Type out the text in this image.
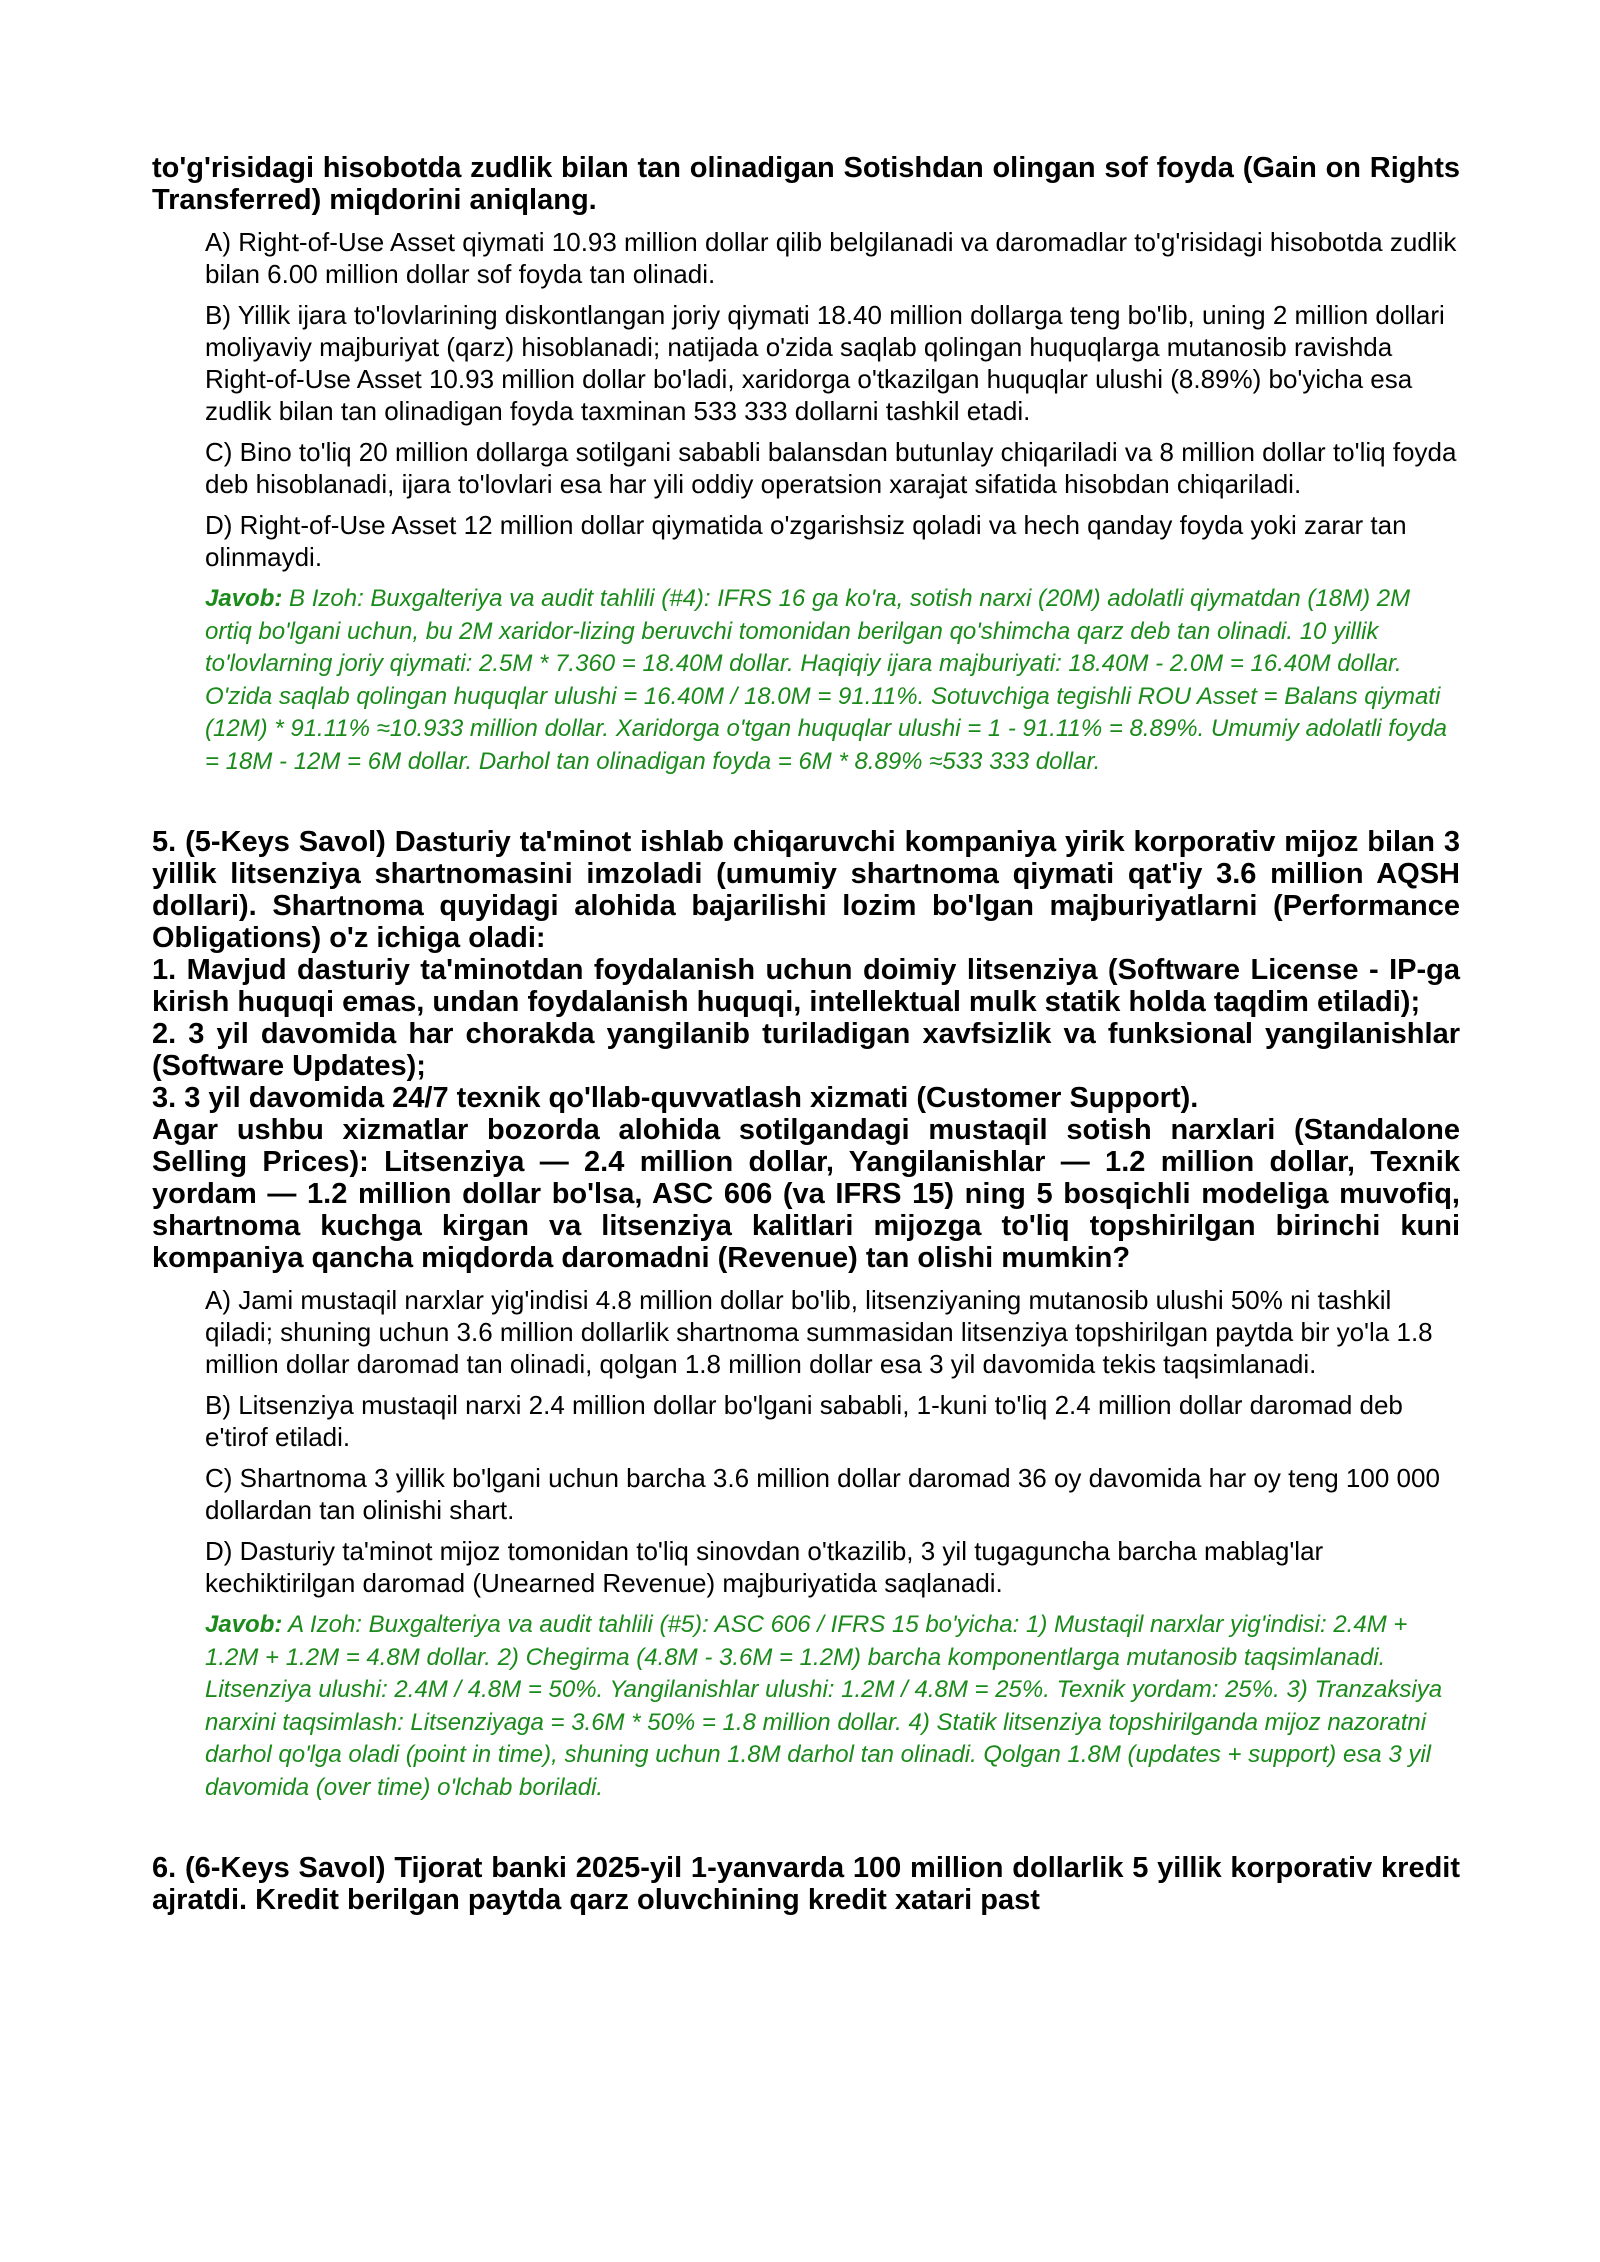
to'g'risidagi hisobotda zudlik bilan tan olinadigan Sotishdan olingan sof foyda (Gain on Rights Transferred) miqdorini aniqlang.

A) Right-of-Use Asset qiymati 10.93 million dollar qilib belgilanadi va daromadlar to'g'risidagi hisobotda zudlik bilan 6.00 million dollar sof foyda tan olinadi.

B) Yillik ijara to'lovlarining diskontlangan joriy qiymati 18.40 million dollarga teng bo'lib, uning 2 million dollari moliyaviy majburiyat (qarz) hisoblanadi; natijada o'zida saqlab qolingan huquqlarga mutanosib ravishda Right-of-Use Asset 10.93 million dollar bo'ladi, xaridorga o'tkazilgan huquqlar ulushi (8.89%) bo'yicha esa zudlik bilan tan olinadigan foyda taxminan 533 333 dollarni tashkil etadi.

C) Bino to'liq 20 million dollarga sotilgani sababli balansdan butunlay chiqariladi va 8 million dollar to'liq foyda deb hisoblanadi, ijara to'lovlari esa har yili oddiy operatsion xarajat sifatida hisobdan chiqariladi.

D) Right-of-Use Asset 12 million dollar qiymatida o'zgarishsiz qoladi va hech qanday foyda yoki zarar tan olinmaydi.

Javob: B Izoh: Buxgalteriya va audit tahlili (#4): IFRS 16 ga ko'ra, sotish narxi (20M) adolatli qiymatdan (18M) 2M ortiq bo'lgani uchun, bu 2M xaridor-lizing beruvchi tomonidan berilgan qo'shimcha qarz deb tan olinadi. 10 yillik to'lovlarning joriy qiymati: 2.5M * 7.360 = 18.40M dollar. Haqiqiy ijara majburiyati: 18.40M - 2.0M = 16.40M dollar. O'zida saqlab qolingan huquqlar ulushi = 16.40M / 18.0M = 91.11%. Sotuvchiga tegishli ROU Asset = Balans qiymati (12M) * 91.11% ≈10.933 million dollar. Xaridorga o'tgan huquqlar ulushi = 1 - 91.11% = 8.89%. Umumiy adolatli foyda = 18M - 12M = 6M dollar. Darhol tan olinadigan foyda = 6M * 8.89% ≈533 333 dollar.

5. (5-Keys Savol) Dasturiy ta'minot ishlab chiqaruvchi kompaniya yirik korporativ mijoz bilan 3 yillik litsenziya shartnomasini imzoladi (umumiy shartnoma qiymati qat'iy 3.6 million AQSH dollari). Shartnoma quyidagi alohida bajarilishi lozim bo'lgan majburiyatlarni (Performance Obligations) o'z ichiga oladi:

1. Mavjud dasturiy ta'minotdan foydalanish uchun doimiy litsenziya (Software License - IP-ga kirish huquqi emas, undan foydalanish huquqi, intellektual mulk statik holda taqdim etiladi);

2. 3 yil davomida har chorakda yangilanib turiladigan xavfsizlik va funksional yangilanishlar (Software Updates);

3. 3 yil davomida 24/7 texnik qo'llab-quvvatlash xizmati (Customer Support).

Agar ushbu xizmatlar bozorda alohida sotilgandagi mustaqil sotish narxlari (Standalone Selling Prices): Litsenziya — 2.4 million dollar, Yangilanishlar — 1.2 million dollar, Texnik yordam — 1.2 million dollar bo'lsa, ASC 606 (va IFRS 15) ning 5 bosqichli modeliga muvofiq, shartnoma kuchga kirgan va litsenziya kalitlari mijozga to'liq topshirilgan birinchi kuni kompaniya qancha miqdorda daromadni (Revenue) tan olishi mumkin?

A) Jami mustaqil narxlar yig'indisi 4.8 million dollar bo'lib, litsenziyaning mutanosib ulushi 50% ni tashkil qiladi; shuning uchun 3.6 million dollarlik shartnoma summasidan litsenziya topshirilgan paytda bir yo'la 1.8 million dollar daromad tan olinadi, qolgan 1.8 million dollar esa 3 yil davomida tekis taqsimlanadi.

B) Litsenziya mustaqil narxi 2.4 million dollar bo'lgani sababli, 1-kuni to'liq 2.4 million dollar daromad deb e'tirof etiladi.

C) Shartnoma 3 yillik bo'lgani uchun barcha 3.6 million dollar daromad 36 oy davomida har oy teng 100 000 dollardan tan olinishi shart.

D) Dasturiy ta'minot mijoz tomonidan to'liq sinovdan o'tkazilib, 3 yil tugaguncha barcha mablag'lar kechiktirilgan daromad (Unearned Revenue) majburiyatida saqlanadi.

Javob: A Izoh: Buxgalteriya va audit tahlili (#5): ASC 606 / IFRS 15 bo'yicha: 1) Mustaqil narxlar yig'indisi: 2.4M + 1.2M + 1.2M = 4.8M dollar. 2) Chegirma (4.8M - 3.6M = 1.2M) barcha komponentlarga mutanosib taqsimlanadi. Litsenziya ulushi: 2.4M / 4.8M = 50%. Yangilanishlar ulushi: 1.2M / 4.8M = 25%. Texnik yordam: 25%. 3) Tranzaksiya narxini taqsimlash: Litsenziyaga = 3.6M * 50% = 1.8 million dollar. 4) Statik litsenziya topshirilganda mijoz nazoratni darhol qo'lga oladi (point in time), shuning uchun 1.8M darhol tan olinadi. Qolgan 1.8M (updates + support) esa 3 yil davomida (over time) o'lchab boriladi.

6. (6-Keys Savol) Tijorat banki 2025-yil 1-yanvarda 100 million dollarlik 5 yillik korporativ kredit ajratdi. Kredit berilgan paytda qarz oluvchining kredit xatari past
